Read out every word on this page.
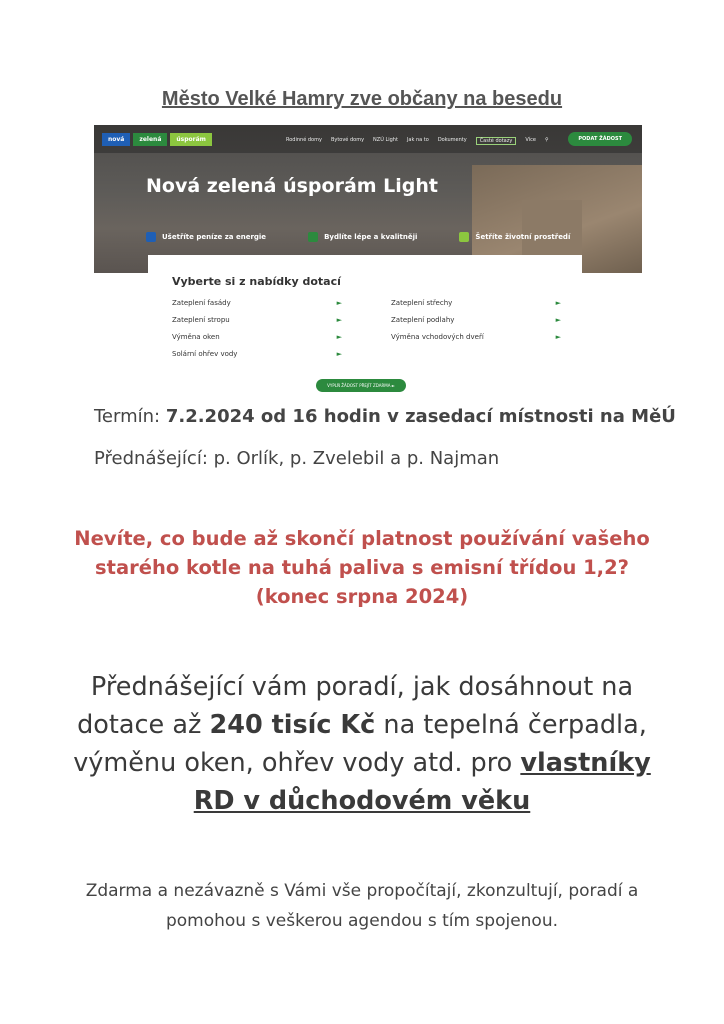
Město Velké Hamry zve občany na besedu
nová	zelená	úsporám	Rodinné domy Bytové domy NZÚ Light Jak na to Dokumenty	Časté dotazy	Více ⚲	PODAT ŽÁDOST
Nová zelená úsporám Light
Ušetříte peníze za energie	Bydlíte lépe a kvalitněji	Šetříte životní prostředí
Vyberte si z nabídky dotací
Zateplení fasády	►
Zateplení stropu	►
Výměna oken	►
Solární ohřev vody	►
Zateplení střechy	►
Zateplení podlahy	►
Výměna vchodových dveří	►
VYPLŇ ŽÁDOST PŘEJÍT ZDARMA ►
Termín: 7.2.2024 od 16 hodin v zasedací místnosti na MěÚ
Přednášející: p. Orlík, p. Zvelebil a p. Najman
Nevíte, co bude až skončí platnost používání vašeho
starého kotle na tuhá paliva s emisní třídou 1,2?
(konec srpna 2024)
Přednášející vám poradí, jak dosáhnout na dotace až 240 tisíc Kč na tepelná čerpadla, výměnu oken, ohřev vody atd. pro vlastníky RD v důchodovém věku
Zdarma a nezávazně s Vámi vše propočítají, zkonzultují, poradí a pomohou s veškerou agendou s tím spojenou.
